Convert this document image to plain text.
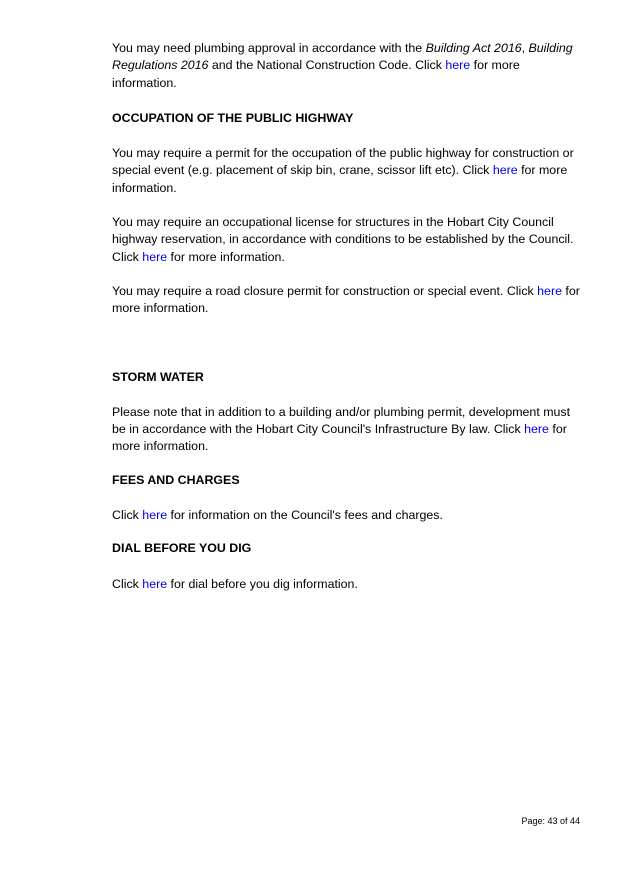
You may need plumbing approval in accordance with the Building Act 2016, Building Regulations 2016 and the National Construction Code. Click here for more information.

OCCUPATION OF THE PUBLIC HIGHWAY

You may require a permit for the occupation of the public highway for construction or special event (e.g. placement of skip bin, crane, scissor lift etc). Click here for more information.

You may require an occupational license for structures in the Hobart City Council highway reservation, in accordance with conditions to be established by the Council. Click here for more information.

You may require a road closure permit for construction or special event. Click here for more information.

STORM WATER

Please note that in addition to a building and/or plumbing permit, development must be in accordance with the Hobart City Council's Infrastructure By law. Click here for more information.

FEES AND CHARGES

Click here for information on the Council's fees and charges.

DIAL BEFORE YOU DIG

Click here for dial before you dig information.

Page: 43 of 44
